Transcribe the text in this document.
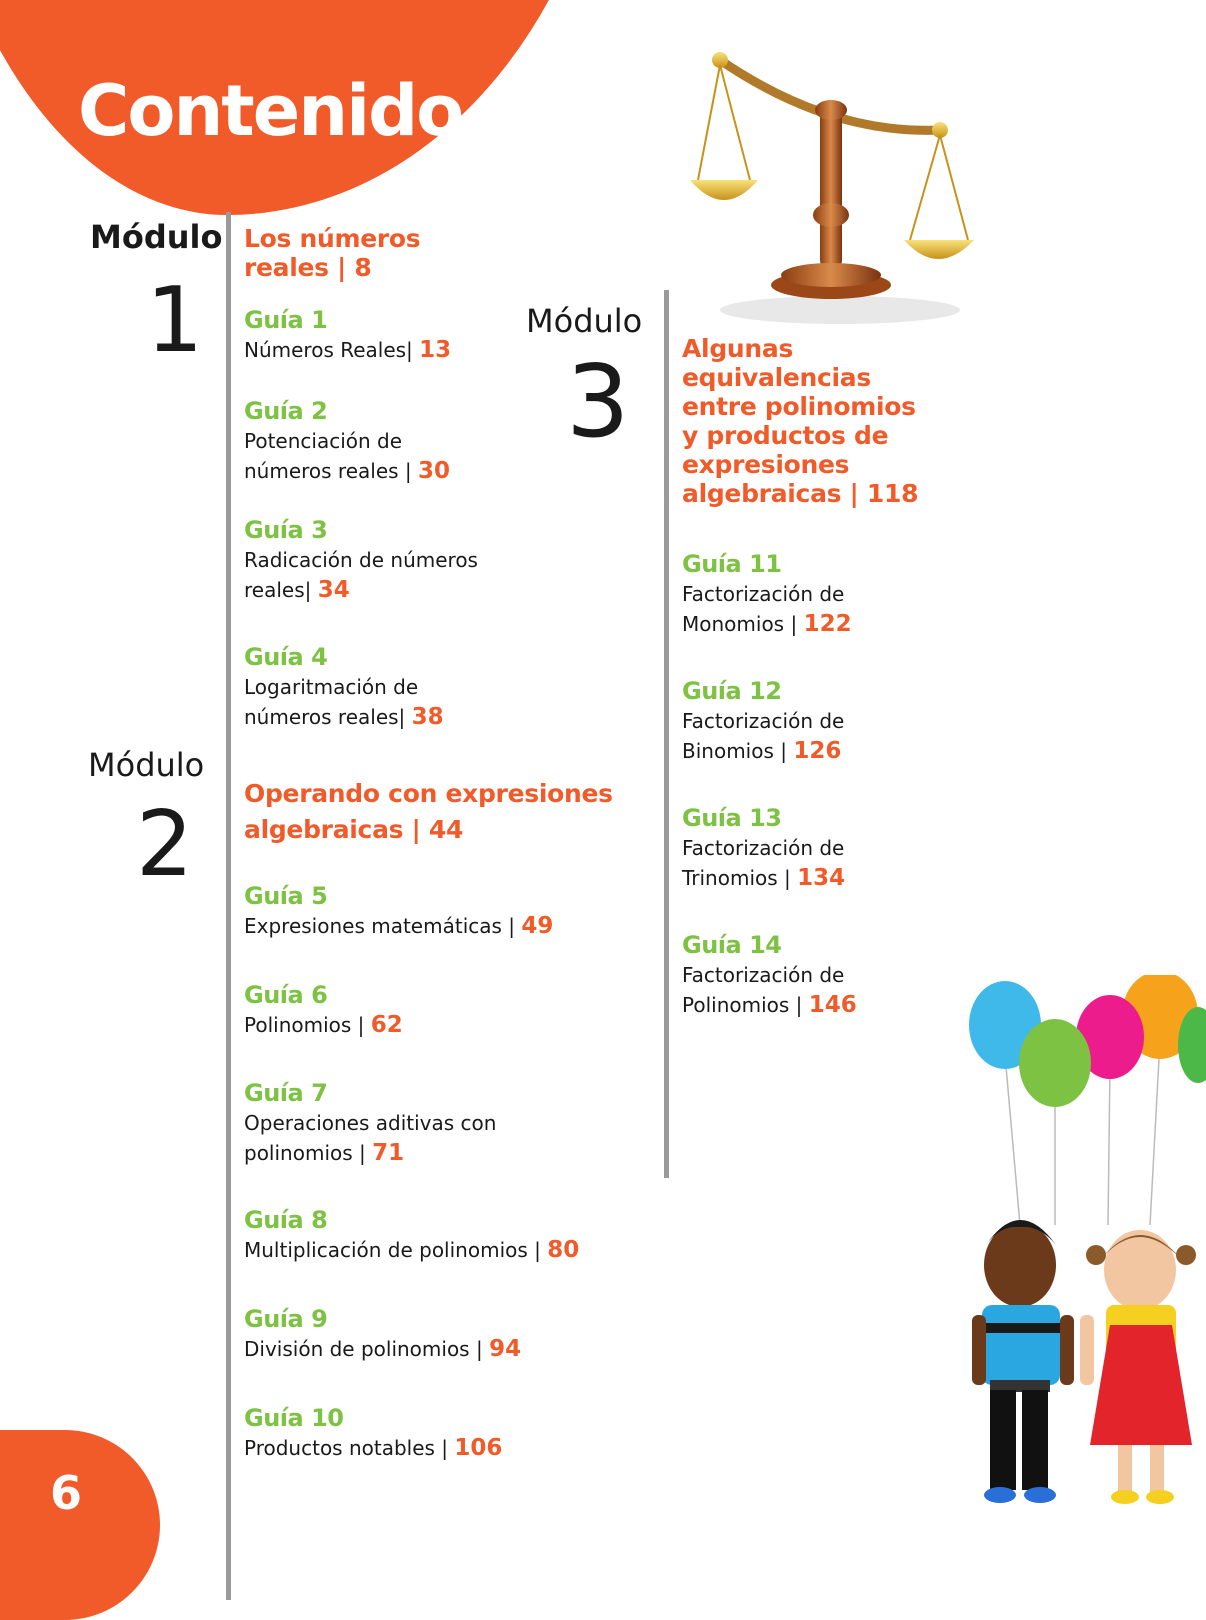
Contenido
Módulo
1
Los números
reales | 8
Módulo
2 Operando con expresiones
algebraicas | 44
Módulo
3 Algunas
equivalencias
entre polinomios
y productos de
expresiones
algebraicas | 118
Guía 1
Números Reales| 13
Guía 2
Potenciación de
números reales | 30
Guía 3
Radicación de números
reales| 34
Guía 4
Logaritmación de
números reales| 38
Guía 5
Expresiones matemáticas | 49
Guía 6
Polinomios | 62
Guía 7
Operaciones aditivas con
polinomios | 71
Guía 8
Multiplicación de polinomios | 80
Guía 9
División de polinomios | 94
Guía 10
Productos notables | 106
Guía 11
Factorización de
Monomios | 122
Guía 12
Factorización de
Binomios | 126
Guía 13
Factorización de
Trinomios | 134
Guía 14
Factorización de
Polinomios | 146
6
